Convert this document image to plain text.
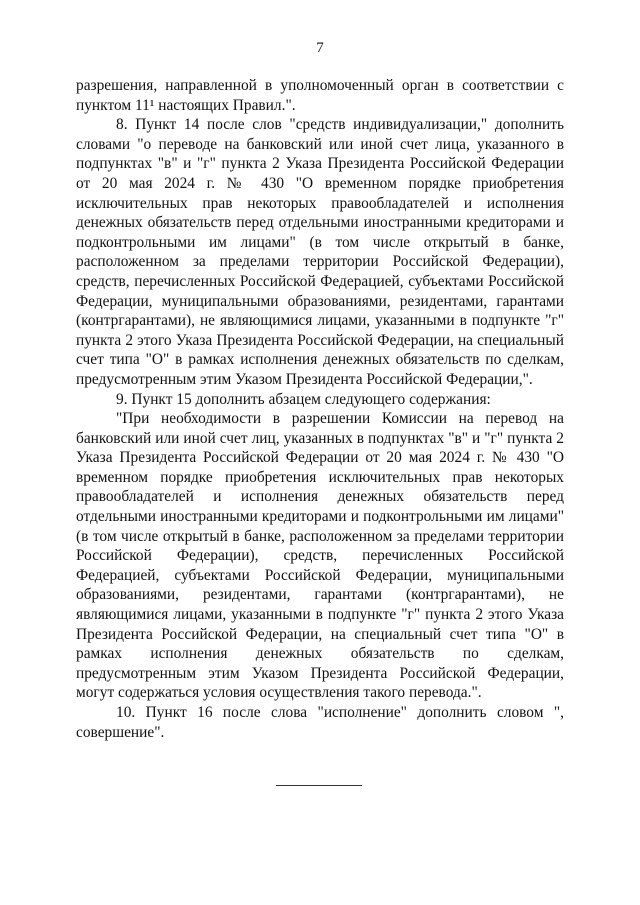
7

разрешения, направленной в уполномоченный орган в соответствии с пунктом 11¹ настоящих Правил.".

8. Пункт 14 после слов "средств индивидуализации," дополнить словами "о переводе на банковский или иной счет лица, указанного в подпунктах "в" и "г" пункта 2 Указа Президента Российской Федерации от 20 мая 2024 г. № 430 "О временном порядке приобретения исключительных прав некоторых правообладателей и исполнения денежных обязательств перед отдельными иностранными кредиторами и подконтрольными им лицами" (в том числе открытый в банке, расположенном за пределами территории Российской Федерации), средств, перечисленных Российской Федерацией, субъектами Российской Федерации, муниципальными образованиями, резидентами, гарантами (контргарантами), не являющимися лицами, указанными в подпункте "г" пункта 2 этого Указа Президента Российской Федерации, на специальный счет типа "О" в рамках исполнения денежных обязательств по сделкам, предусмотренным этим Указом Президента Российской Федерации,".

9. Пункт 15 дополнить абзацем следующего содержания:

"При необходимости в разрешении Комиссии на перевод на банковский или иной счет лиц, указанных в подпунктах "в" и "г" пункта 2 Указа Президента Российской Федерации от 20 мая 2024 г. № 430 "О временном порядке приобретения исключительных прав некоторых правообладателей и исполнения денежных обязательств перед отдельными иностранными кредиторами и подконтрольными им лицами" (в том числе открытый в банке, расположенном за пределами территории Российской Федерации), средств, перечисленных Российской Федерацией, субъектами Российской Федерации, муниципальными образованиями, резидентами, гарантами (контргарантами), не являющимися лицами, указанными в подпункте "г" пункта 2 этого Указа Президента Российской Федерации, на специальный счет типа "О" в рамках исполнения денежных обязательств по сделкам, предусмотренным этим Указом Президента Российской Федерации, могут содержаться условия осуществления такого перевода.".

10. Пункт 16 после слова "исполнение" дополнить словом ", совершение".
